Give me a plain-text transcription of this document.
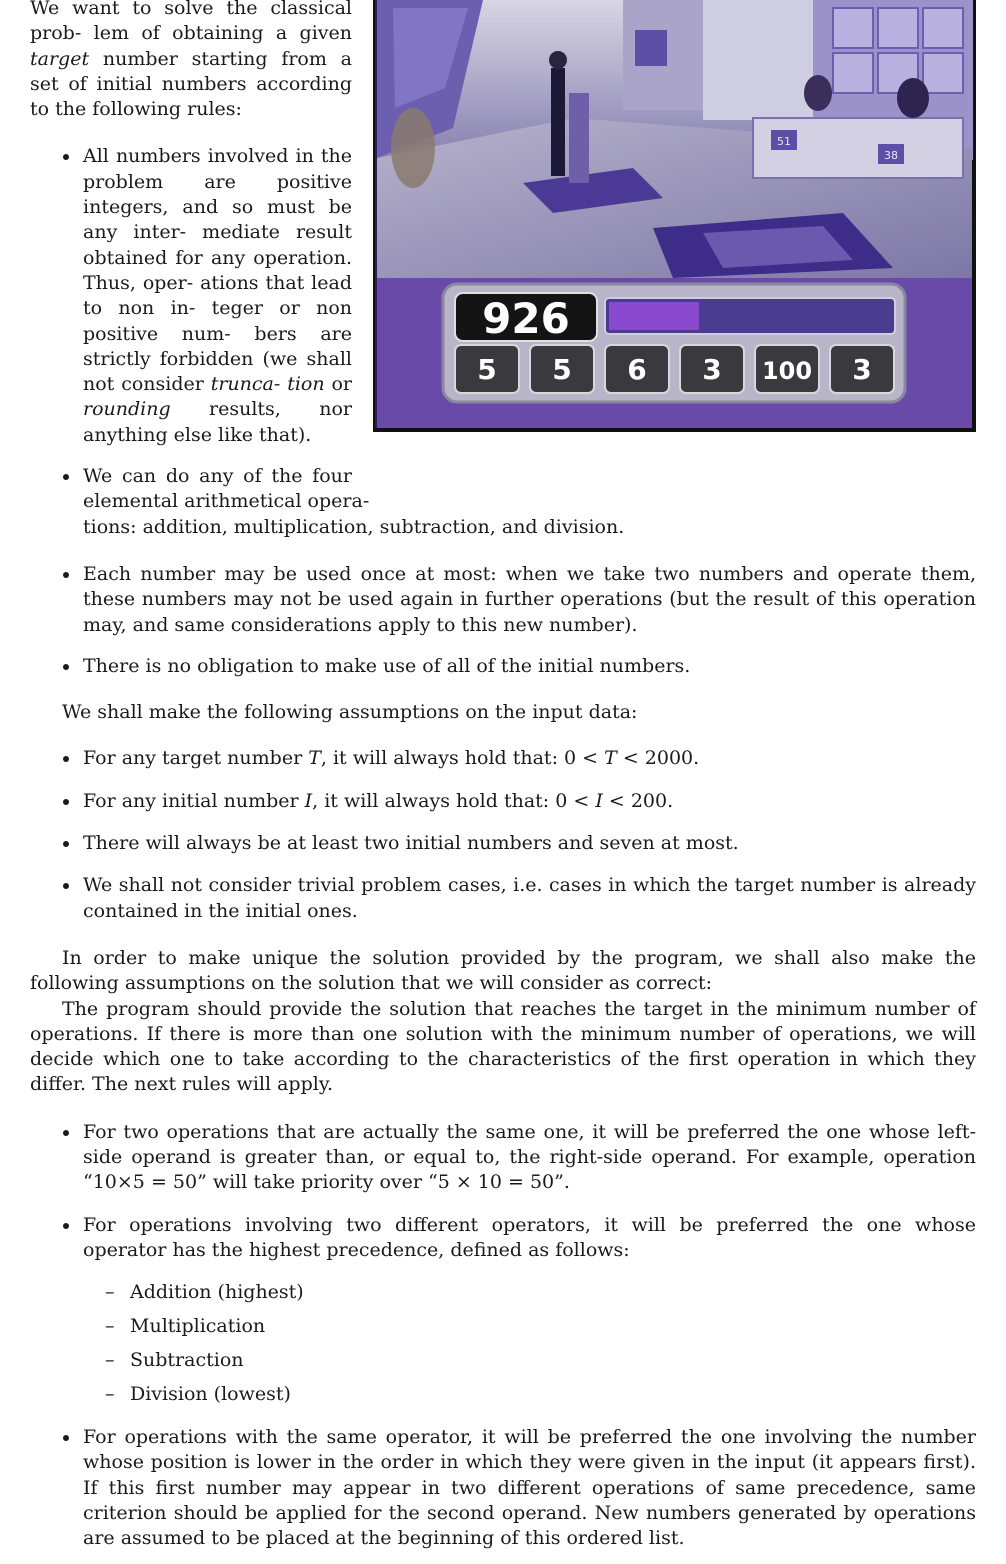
51
38
926
5 5 6 3 100 3

We want to solve the classical prob- lem of obtaining a given target number starting from a set of initial numbers according to the following rules:

All numbers involved in the problem are positive integers, and so must be any inter- mediate result obtained for any operation. Thus, oper- ations that lead to non in- teger or non positive num- bers are strictly forbidden (we shall not consider trunca- tion or rounding results, nor anything else like that).
We can do any of the four
elemental arithmetical opera-
tions: addition, multiplication, subtraction, and division.
Each number may be used once at most: when we take two numbers and operate them, these numbers may not be used again in further operations (but the result of this operation may, and same considerations apply to this new number).
There is no obligation to make use of all of the initial numbers.

We shall make the following assumptions on the input data:

For any target number T, it will always hold that: 0 < T < 2000.
For any initial number I, it will always hold that: 0 < I < 200.
There will always be at least two initial numbers and seven at most.
We shall not consider trivial problem cases, i.e. cases in which the target number is already contained in the initial ones.

In order to make unique the solution provided by the program, we shall also make the following assumptions on the solution that we will consider as correct:

The program should provide the solution that reaches the target in the minimum number of operations. If there is more than one solution with the minimum number of operations, we will decide which one to take according to the characteristics of the first operation in which they differ. The next rules will apply.

For two operations that are actually the same one, it will be preferred the one whose left-side operand is greater than, or equal to, the right-side operand. For example, operation “10×5 = 50” will take priority over “5 × 10 = 50”.
For operations involving two different operators, it will be preferred the one whose operator has the highest precedence, defined as follows:
– Addition (highest)
– Multiplication
– Subtraction
– Division (lowest)
For operations with the same operator, it will be preferred the one involving the number whose position is lower in the order in which they were given in the input (it appears first). If this first number may appear in two different operations of same precedence, same criterion should be applied for the second operand. New numbers generated by operations are assumed to be placed at the beginning of this ordered list.
